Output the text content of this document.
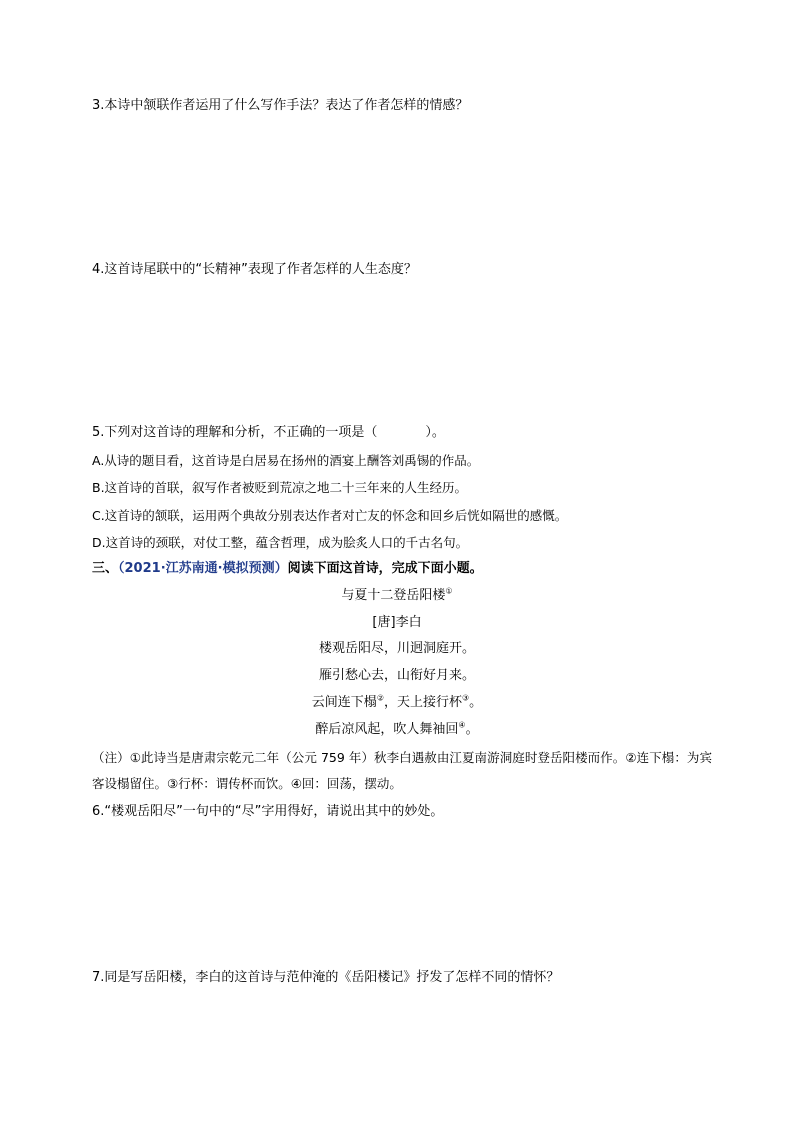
3.本诗中颔联作者运用了什么写作手法？表达了作者怎样的情感？
4.这首诗尾联中的“长精神”表现了作者怎样的人生态度？
5.下列对这首诗的理解和分析，不正确的一项是（	）。
A.从诗的题目看，这首诗是白居易在扬州的酒宴上酬答刘禹锡的作品。
B.这首诗的首联，叙写作者被贬到荒凉之地二十三年来的人生经历。
C.这首诗的颔联，运用两个典故分别表达作者对亡友的怀念和回乡后恍如隔世的感慨。
D.这首诗的颈联，对仗工整，蕴含哲理，成为脍炙人口的千古名句。
三、（2021·江苏南通·模拟预测）阅读下面这首诗，完成下面小题。
与夏十二登岳阳楼①
[唐]李白
楼观岳阳尽，川迥洞庭开。
雁引愁心去，山衔好月来。
云间连下榻②，天上接行杯③。
醉后凉风起，吹人舞袖回④。
（注）①此诗当是唐肃宗乾元二年（公元 759 年）秋李白遇赦由江夏南游洞庭时登岳阳楼而作。②连下榻：为宾客设榻留住。③行杯：谓传杯而饮。④回：回荡，摆动。
6.“楼观岳阳尽”一句中的“尽”字用得好，请说出其中的妙处。
7.同是写岳阳楼，李白的这首诗与范仲淹的《岳阳楼记》抒发了怎样不同的情怀？
